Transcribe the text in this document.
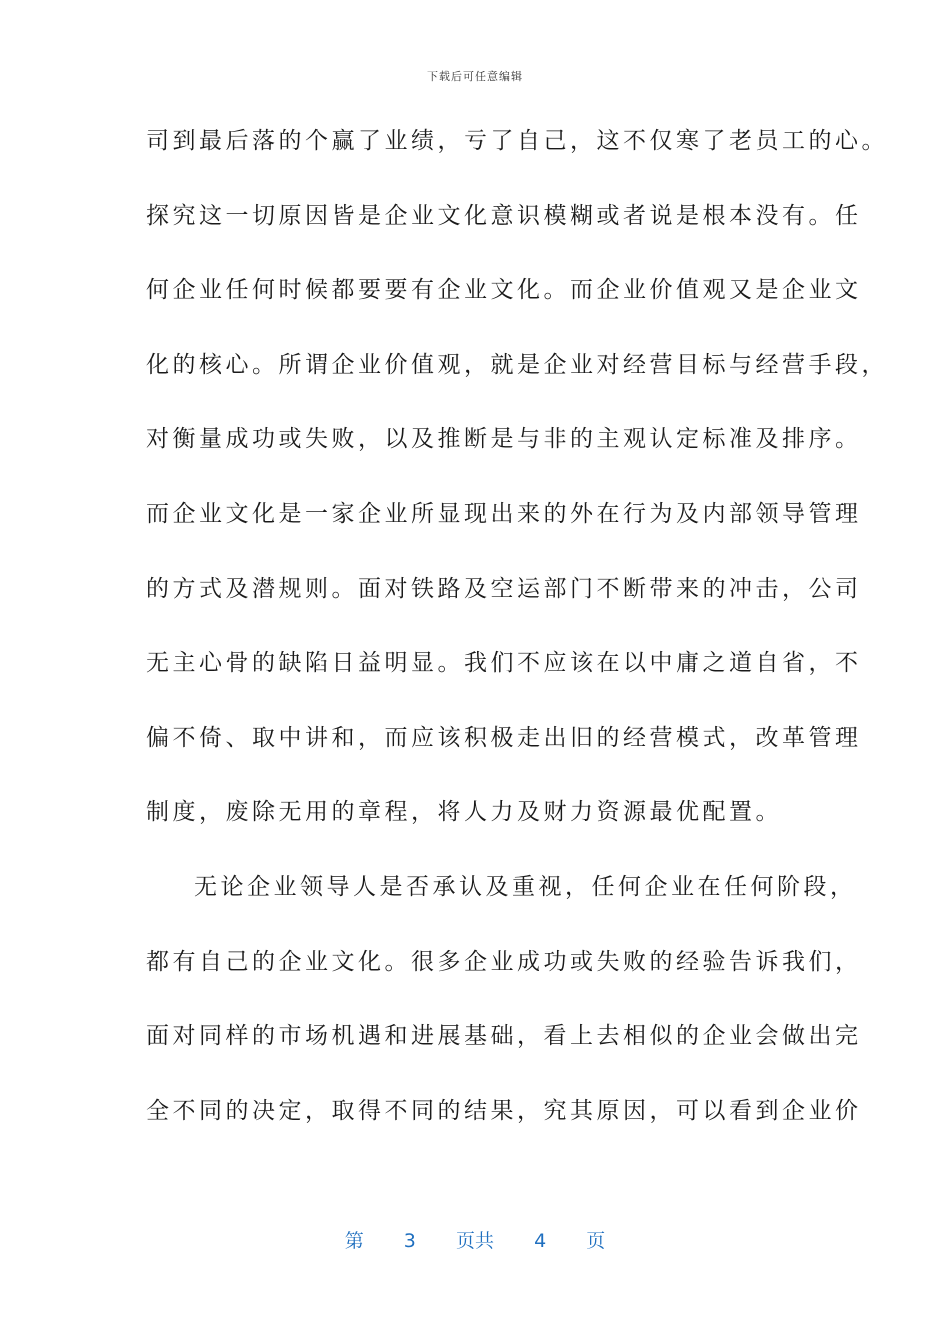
下载后可任意编辑
司到最后落的个赢了业绩，亏了自己，这不仅寒了老员工的心。
探究这一切原因皆是企业文化意识模糊或者说是根本没有。任
何企业任何时候都要要有企业文化。而企业价值观又是企业文
化的核心。所谓企业价值观，就是企业对经营目标与经营手段，
对衡量成功或失败，以及推断是与非的主观认定标准及排序。
而企业文化是一家企业所显现出来的外在行为及内部领导管理
的方式及潜规则。面对铁路及空运部门不断带来的冲击，公司
无主心骨的缺陷日益明显。我们不应该在以中庸之道自省，不
偏不倚、取中讲和，而应该积极走出旧的经营模式，改革管理
制度，废除无用的章程，将人力及财力资源最优配置。
无论企业领导人是否承认及重视，任何企业在任何阶段，
都有自己的企业文化。很多企业成功或失败的经验告诉我们，
面对同样的市场机遇和进展基础，看上去相似的企业会做出完
全不同的决定，取得不同的结果，究其原因，可以看到企业价
第 3 页共 4 页
